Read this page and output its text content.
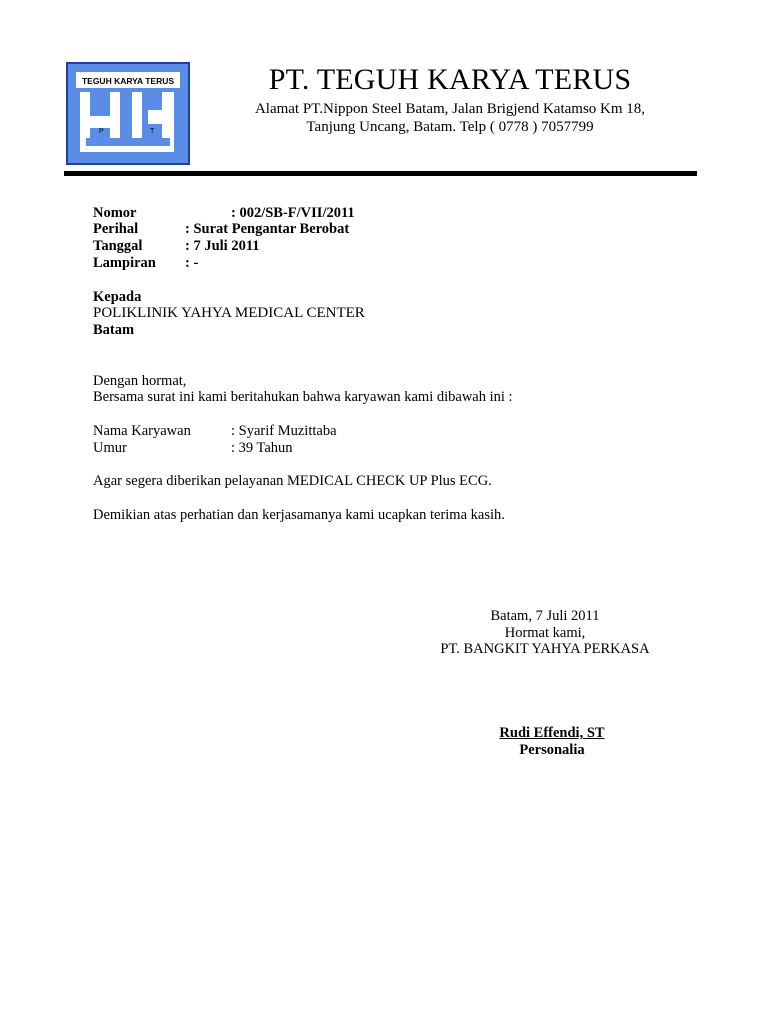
TEGUH KARYA TERUS
P	T
PT. TEGUH KARYA TERUS
Alamat PT.Nippon Steel Batam, Jalan Brigjend Katamso Km 18,
Tanjung Uncang, Batam. Telp ( 0778 ) 7057799
Nomor	: 002/SB-F/VII/2011
Perihal	: Surat Pengantar Berobat
Tanggal	: 7 Juli 2011
Lampiran : -
Kepada
POLIKLINIK YAHYA MEDICAL CENTER
Batam
Dengan hormat,
Bersama surat ini kami beritahukan bahwa karyawan kami dibawah ini :
Nama Karyawan	: Syarif Muzittaba
Umur	: 39 Tahun
Agar segera diberikan pelayanan MEDICAL CHECK UP Plus ECG.
Demikian atas perhatian dan kerjasamanya kami ucapkan terima kasih.
Batam, 7 Juli 2011
Hormat kami,
PT. BANGKIT YAHYA PERKASA
Rudi Effendi, ST
Personalia
